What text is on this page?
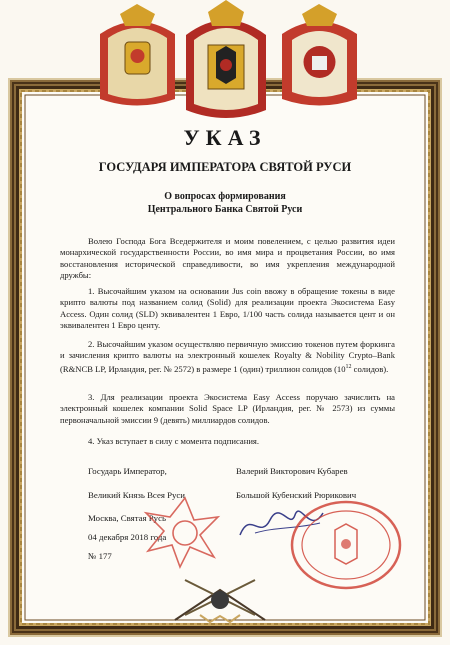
УКАЗ
ГОСУДАРЯ ИМПЕРАТОРА СВЯТОЙ РУСИ
О вопросах формирования
Центрального Банка Святой Руси
Волею Господа Бога Вседержителя и моим повелением, с целью развития идеи монархической государственности России, во имя мира и процветания России, во имя восстановления исторической справедливости, во имя укрепления международной дружбы:
1. Высочайшим указом на основании Jus coin ввожу в обращение токены в виде крипто валюты под названием солид (Solid) для реализации проекта Экосистема Easy Access. Один солид (SLD) эквивалентен 1 Евро, 1/100 часть солида называется цент и он эквивалентен 1 Евро центу.
2. Высочайшим указом осуществляю первичную эмиссию токенов путем форкинга и зачисления крипто валюты на электронный кошелек Royalty & Nobility Crypto–Bank (R&NCB LP, Ирландия, рег. № 2572) в размере 1 (один) триллион солидов ($10^{12}$ солидов).
3. Для реализации проекта Экосистема Easy Access поручаю зачислить на электронный кошелек компании Solid Space LP (Ирландия, рег. № 2573) из суммы первоначальной эмиссии 9 (девять) миллиардов солидов.
4. Указ вступает в силу с момента подписания.
Государь Император,
Великий Князь Всея Руси
Валерий Викторович Кубарев
Большой Кубенский Рюрикович
Москва, Святая Русь
04 декабря 2018 года
№ 177
